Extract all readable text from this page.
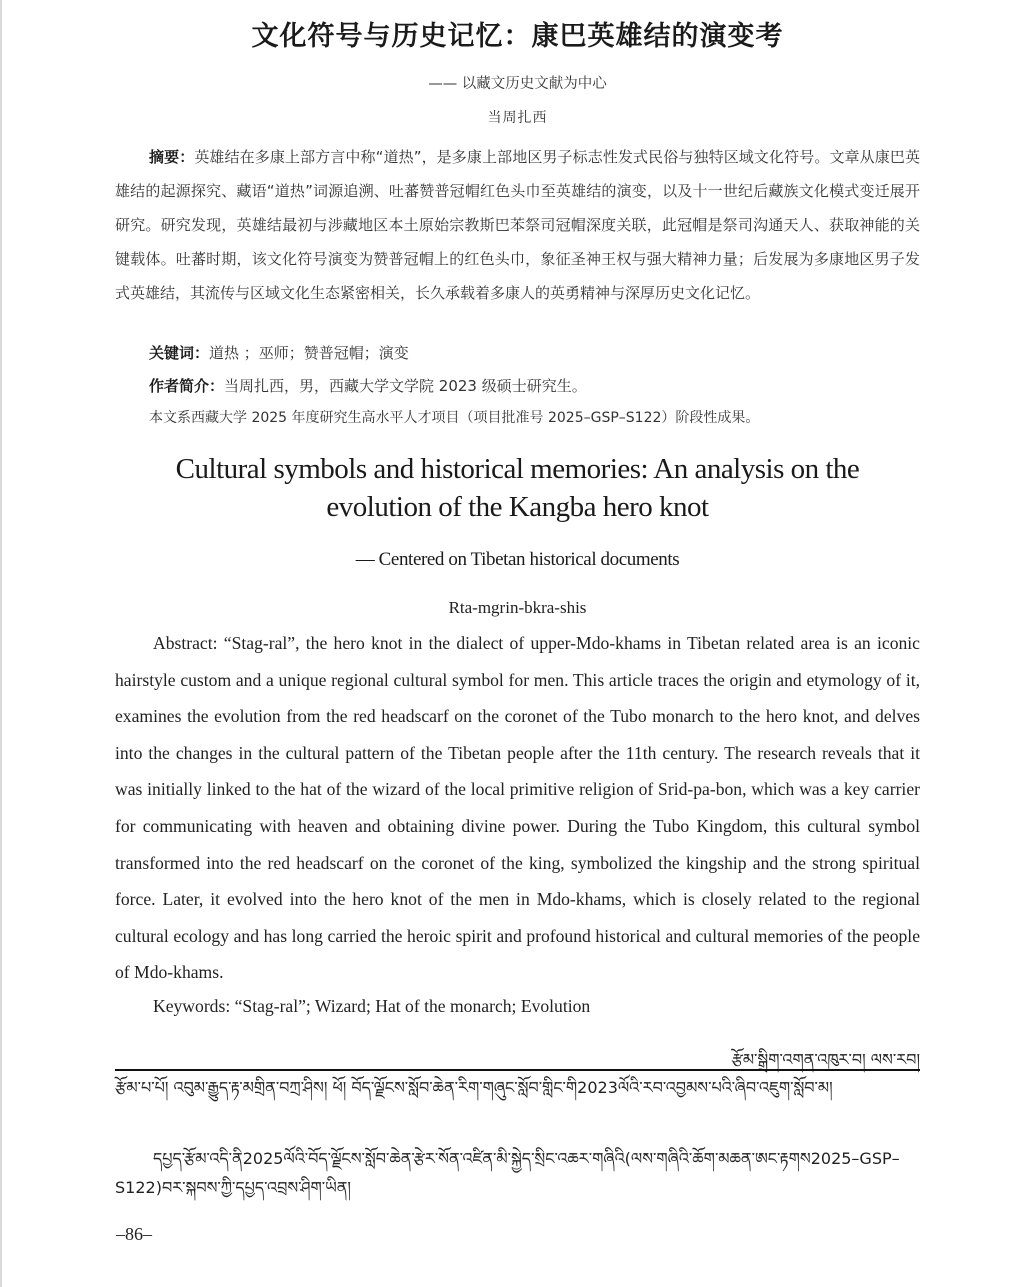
文化符号与历史记忆：康巴英雄结的演变考
—— 以藏文历史文献为中心
当周扎西

摘要：英雄结在多康上部方言中称“道热”，是多康上部地区男子标志性发式民俗与独特区域文化符号。文章从康巴英雄结的起源探究、藏语“道热”词源追溯、吐蕃赞普冠帽红色头巾至英雄结的演变，以及十一世纪后藏族文化模式变迁展开研究。研究发现，英雄结最初与涉藏地区本土原始宗教斯巴苯祭司冠帽深度关联，此冠帽是祭司沟通天人、获取神能的关键载体。吐蕃时期，该文化符号演变为赞普冠帽上的红色头巾，象征圣神王权与强大精神力量；后发展为多康地区男子发式英雄结，其流传与区域文化生态紧密相关，长久承载着多康人的英勇精神与深厚历史文化记忆。

关键词：道热 ；巫师；赞普冠帽；演变

作者简介：当周扎西，男，西藏大学文学院 2023 级硕士研究生。

本文系西藏大学 2025 年度研究生高水平人才项目（项目批准号 2025–GSP–S122）阶段性成果。

Cultural symbols and historical memories: An analysis on the
evolution of the Kangba hero knot
— Centered on Tibetan historical documents
Rta-mgrin-bkra-shis

Abstract: “Stag-ral”, the hero knot in the dialect of upper-Mdo-khams in Tibetan related area is an iconic hairstyle custom and a unique regional cultural symbol for men. This article traces the origin and etymology of it, examines the evolution from the red headscarf on the coronet of the Tubo monarch to the hero knot, and delves into the changes in the cultural pattern of the Tibetan people after the 11th century. The research reveals that it was initially linked to the hat of the wizard of the local primitive religion of Srid-pa-bon, which was a key carrier for communicating with heaven and obtaining divine power. During the Tubo Kingdom, this cultural symbol transformed into the red headscarf on the coronet of the king, symbolized the kingship and the strong spiritual force. Later, it evolved into the hero knot of the men in Mdo-khams, which is closely related to the regional cultural ecology and has long carried the heroic spirit and profound historical and cultural memories of the people of Mdo-khams.

Keywords: “Stag-ral”; Wizard; Hat of the monarch; Evolution

རྩོམ་སྒྲིག་འགན་འཁུར་བ། ལས་རབ།

རྩོམ་པ་པོ། འབུམ་རྒྱུད་རྟ་མགྲིན་བཀྲ་ཤིས། ཕོ། བོད་ལྗོངས་སློབ་ཆེན་རིག་གཞུང་སློབ་གླིང་གི2023ལོའི་རབ་འབྱམས་པའི་ཞིབ་འཇུག་སློབ་མ།

དཔྱད་རྩོམ་འདི་ནི2025ལོའི་བོད་ལྗོངས་སློབ་ཆེན་རྩེར་སོན་འཛིན་མི་སྐྱེད་སྲིང་འཆར་གཞིའི(ལས་གཞིའི་ཆོག་མཆན་ཨང་རྟགས2025–GSP–S122)བར་སྐབས་ཀྱི་དཔྱད་འབྲས་ཤིག་ཡིན།

–86–
